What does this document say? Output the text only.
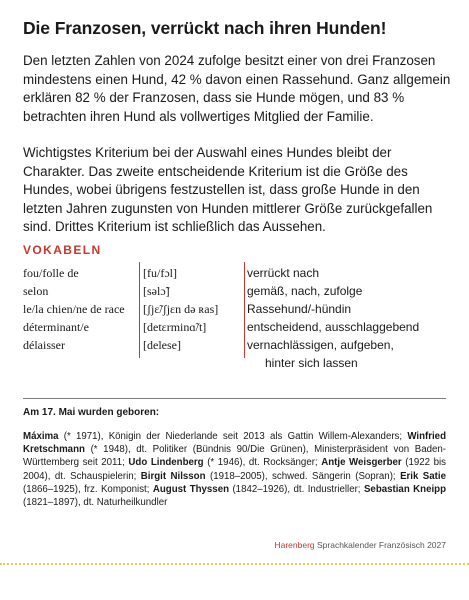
Die Franzosen, verrückt nach ihren Hunden!

Den letzten Zahlen von 2024 zufolge besitzt einer von drei Franzosen mindestens einen Hund, 42 % davon einen Rassehund. Ganz allgemein erklären 82 % der Franzosen, dass sie Hunde mögen, und 83 % betrachten ihren Hund als vollwertiges Mitglied der Familie.

Wichtigstes Kriterium bei der Auswahl eines Hundes bleibt der Charakter. Das zweite entscheidende Kriterium ist die Größe des Hundes, wobei übrigens festzustellen ist, dass große Hunde in den letzten Jahren zugunsten von Hunden mittlerer Größe zurückgefallen sind. Drittes Kriterium ist schließlich das Aussehen.

VOKABELN
fou/folle de	[fu/fɔl]	verrückt nach
selon	[səlɔ̃]	gemäß, nach, zufolge
le/la chien/ne de race	[ʃjɛ̃/ʃjɛn də ʀas]	Rassehund/-hündin
déterminant/e	[detɛrminɑ̃/t]	entscheidend, ausschlaggebend
délaisser	[delese]	vernachlässigen, aufgeben,
hinter sich lassen
Am 17. Mai wurden geboren:

Máxima (* 1971), Königin der Niederlande seit 2013 als Gattin Willem-Alexanders; Winfried Kretschmann (* 1948), dt. Politiker (Bündnis 90/Die Grünen), Ministerpräsident von Baden-Württemberg seit 2011; Udo Lindenberg (* 1946), dt. Rocksänger; Antje Weisgerber (1922 bis 2004), dt. Schauspielerin; Birgit Nilsson (1918–2005), schwed. Sängerin (Sopran); Erik Satie (1866–1925), frz. Komponist; August Thyssen (1842–1926), dt. Industrieller; Sebastian Kneipp (1821–1897), dt. Naturheilkundler

Harenberg Sprachkalender Französisch 2027
